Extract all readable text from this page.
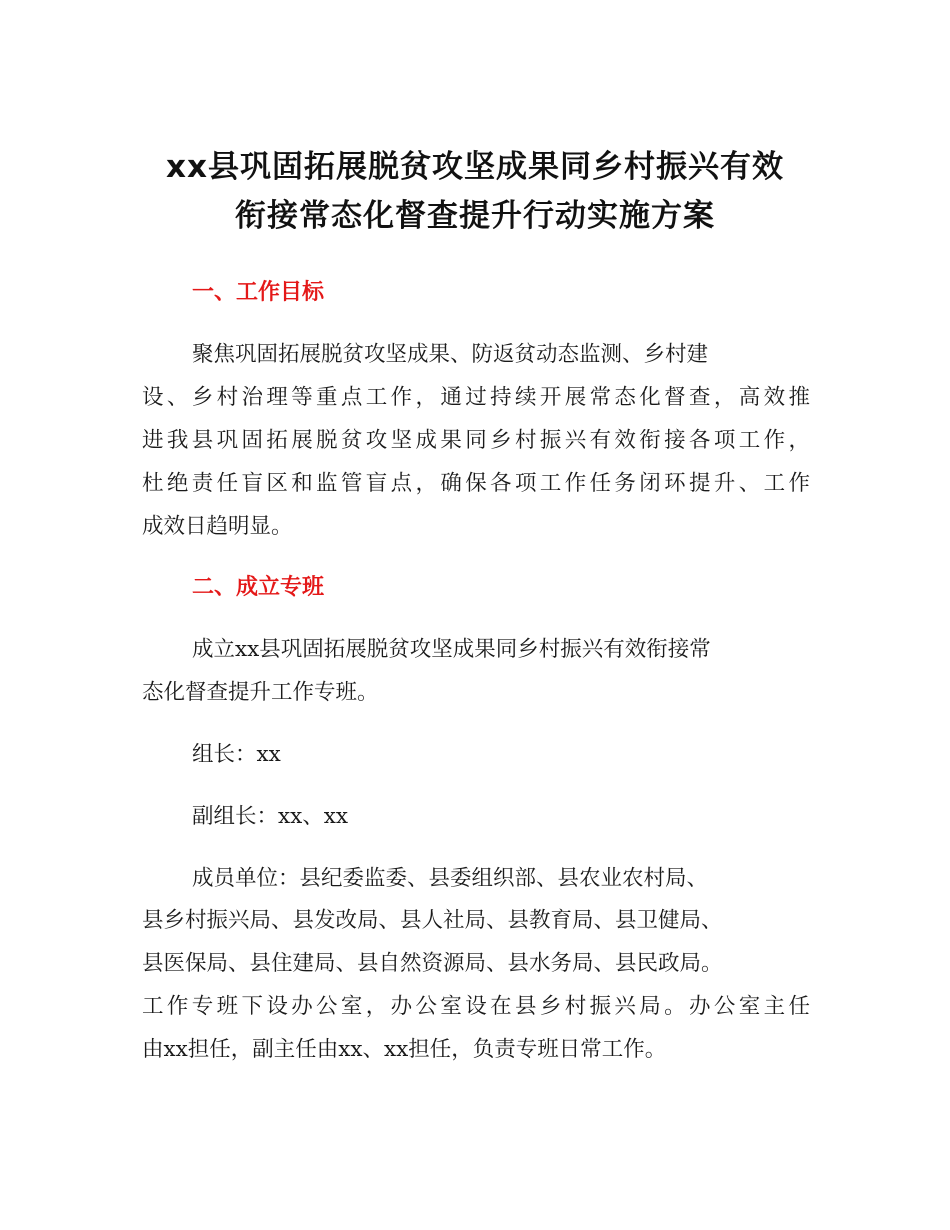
xx县巩固拓展脱贫攻坚成果同乡村振兴有效
衔接常态化督查提升行动实施方案
一、工作目标

聚焦巩固拓展脱贫攻坚成果、防返贫动态监测、乡村建

设、乡村治理等重点工作，通过持续开展常态化督查，高效推

进我县巩固拓展脱贫攻坚成果同乡村振兴有效衔接各项工作，

杜绝责任盲区和监管盲点，确保各项工作任务闭环提升、工作

成效日趋明显。

二、成立专班

成立xx县巩固拓展脱贫攻坚成果同乡村振兴有效衔接常

态化督查提升工作专班。

组长：xx

副组长：xx、xx

成员单位：县纪委监委、县委组织部、县农业农村局、

县乡村振兴局、县发改局、县人社局、县教育局、县卫健局、

县医保局、县住建局、县自然资源局、县水务局、县民政局。

工作专班下设办公室，办公室设在县乡村振兴局。办公室主任

由xx担任，副主任由xx、xx担任，负责专班日常工作。
